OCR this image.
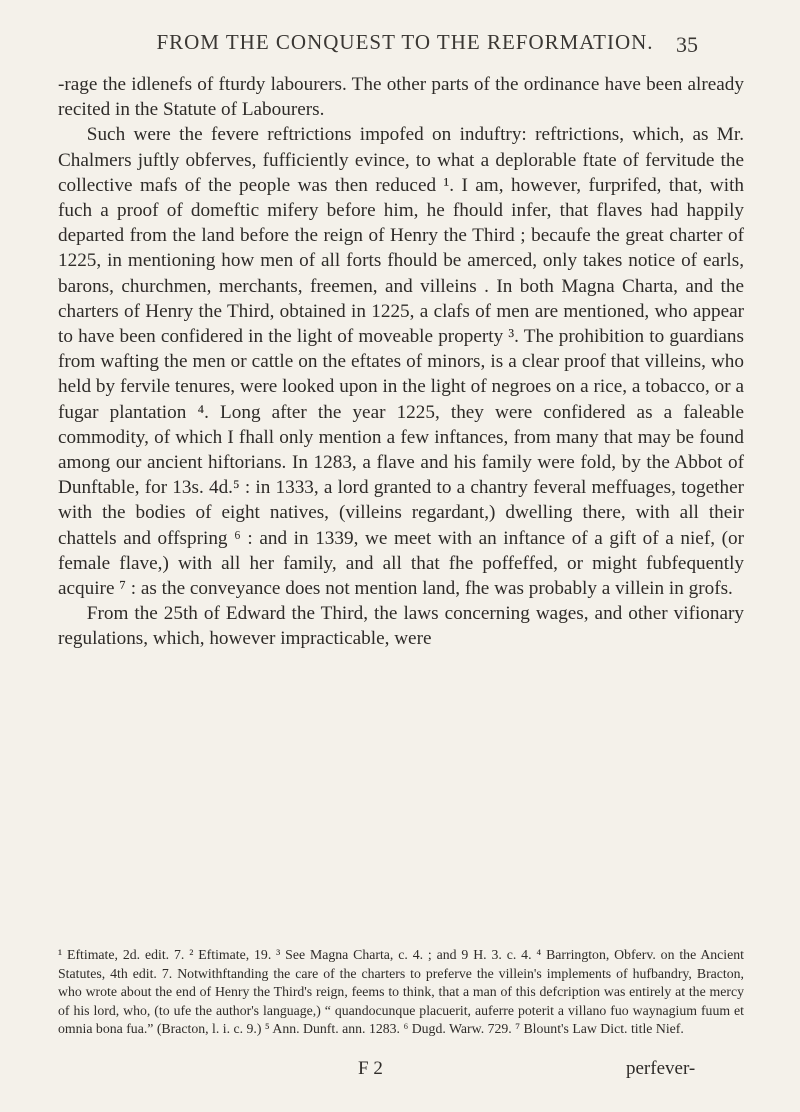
FROM THE CONQUEST TO THE REFORMATION.	35

-rage the idlenefs of fturdy labourers. The other parts of the ordinance have been already recited in the Statute of Labourers.

Such were the fevere reftrictions impofed on induftry: reftrictions, which, as Mr. Chalmers juftly obferves, fufficiently evince, to what a deplorable ftate of fervitude the collective mafs of the people was then reduced ¹. I am, however, furprifed, that, with fuch a proof of domeftic mifery before him, he fhould infer, that flaves had happily departed from the land before the reign of Henry the Third ; becaufe the great charter of 1225, in mentioning how men of all forts fhould be amerced, only takes notice of earls, barons, churchmen, merchants, freemen, and villeins . In both Magna Charta, and the charters of Henry the Third, obtained in 1225, a clafs of men are mentioned, who appear to have been confidered in the light of moveable property ³. The prohibition to guardians from wafting the men or cattle on the eftates of minors, is a clear proof that villeins, who held by fervile tenures, were looked upon in the light of negroes on a rice, a tobacco, or a fugar plantation ⁴. Long after the year 1225, they were confidered as a faleable commodity, of which I fhall only mention a few inftances, from many that may be found among our ancient hiftorians. In 1283, a flave and his family were fold, by the Abbot of Dunftable, for 13s. 4d.⁵ : in 1333, a lord granted to a chantry feveral meffuages, together with the bodies of eight natives, (villeins regardant,) dwelling there, with all their chattels and offspring ⁶ : and in 1339, we meet with an inftance of a gift of a nief, (or female flave,) with all her family, and all that fhe poffeffed, or might fubfequently acquire ⁷ : as the conveyance does not mention land, fhe was probably a villein in grofs.

From the 25th of Edward the Third, the laws concerning wages, and other vifionary regulations, which, however impracticable, were

¹ Eftimate, 2d. edit. 7. ² Eftimate, 19. ³ See Magna Charta, c. 4. ; and 9 H. 3. c. 4. ⁴ Barrington, Obferv. on the Ancient Statutes, 4th edit. 7. Notwithftanding the care of the charters to preferve the villein's implements of hufbandry, Bracton, who wrote about the end of Henry the Third's reign, feems to think, that a man of this defcription was entirely at the mercy of his lord, who, (to ufe the author's language,) “ quandocunque placuerit, auferre poterit a villano fuo waynagium fuum et omnia bona fua.” (Bracton, l. i. c. 9.) ⁵ Ann. Dunft. ann. 1283. ⁶ Dugd. Warw. 729. ⁷ Blount's Law Dict. title Nief.

F 2	perfever-
